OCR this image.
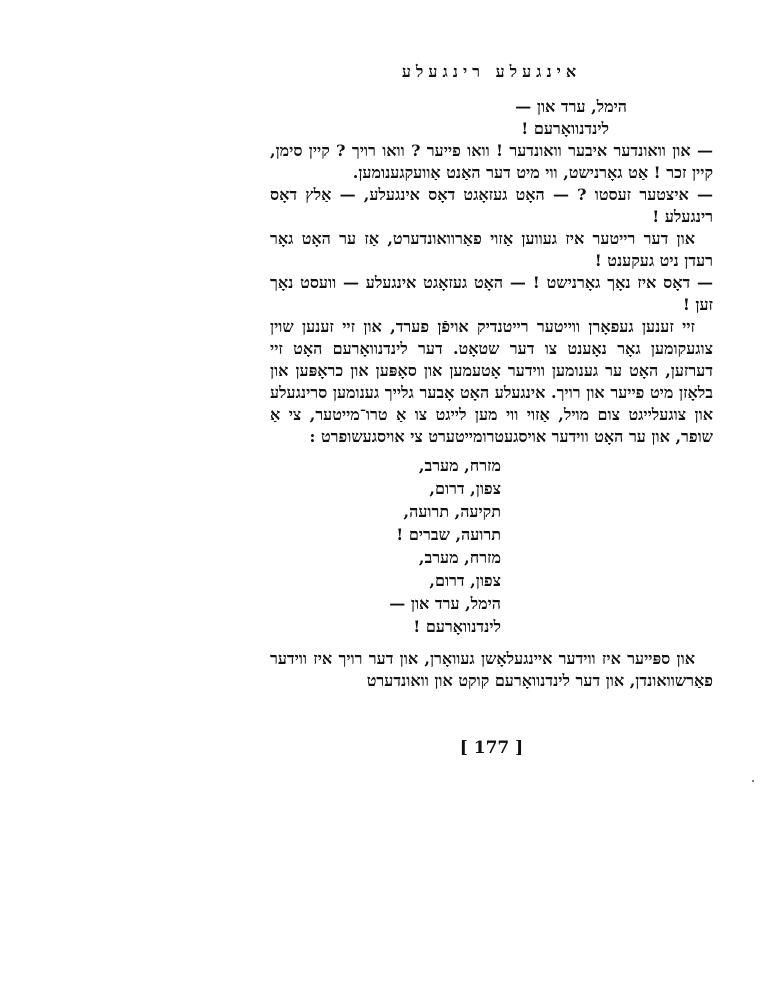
אינגעלע רינגעלע

הימל, ערד און —

לינדנוואָרעם !

— און וואונדער איבער וואונדער ! וואו פייער ? וואו רויך ? קיין סימן, קיין זכר ! אַט גאָרנישט, ווי מיט דער האַנט אַוועקגענומען.

— איצטער זעסטו ? — האָט געזאָגט דאָס אינגעלע, — אַלץ דאָס רינגעלע !

און דער רייטער איז געווען אַזוי פאַרוואונדערט, אַז ער האָט גאָר רעדן ניט געקענט !

— דאָס איז נאָך גאָרנישט ! — האָט געזאָגט אינגעלע — וועסט נאָך זען !

זיי זענען געפאָרן ווייטער רייטנדיק אויפֿן פערד, און זיי זענען שוין צוגעקומען גאָר נאָענט צו דער שטאָט. דער לינדנוואָרעם האָט זיי דערזען, האָט ער גענומען ווידער אָטעמען און סאָפּען און כראָפּען און בלאָזן מיט פייער און רויך. אינגעלע האָט אָבער גלייך גענומען סרינגעלע און צוגעלייגט צום מויל, אַזוי ווי מען לייגט צו אַ טרו־מייטער, צי אַ שופר, און ער האָט ווידער אויסגעטרומייטערט צי אויסגעשופרט :

מזרח, מערב,
צפון, דרום,
תקיעה, תרועה,
תרועה, שברים !
מזרח, מערב,
צפון, דרום,
הימל, ערד און —
לינדנוואָרעם !

און ספּייער איז ווידער איינגעלאָשן געוואָרן, און דער רויך איז ווידער פאַרשוואונדן, און דער לינדנוואָרעם קוקט און וואונדערט

[ 177 ]
